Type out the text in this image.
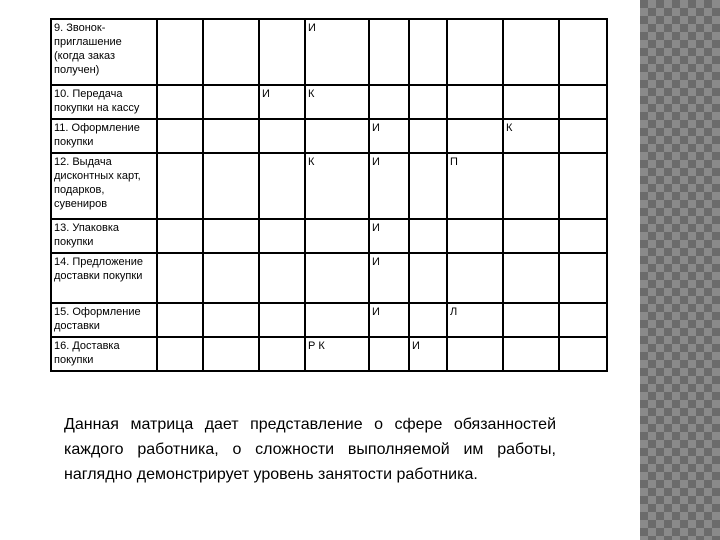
9. Звонок-приглашение (когда заказ получен)				И					
10. Передача покупки на кассу			И	К					
11. Оформление покупки					И			К	
12. Выдача дисконтных карт, подарков, сувениров				К	И		П		
13. Упаковка покупки					И				
14. Предложение доставки покупки					И				
15. Оформление доставки					И		Л		
16. Доставка покупки				Р К		И			

Данная матрица дает представление о сфере обязанностей каждого работника, о сложности выполняемой им работы, наглядно демонстрирует уровень занятости работника.
